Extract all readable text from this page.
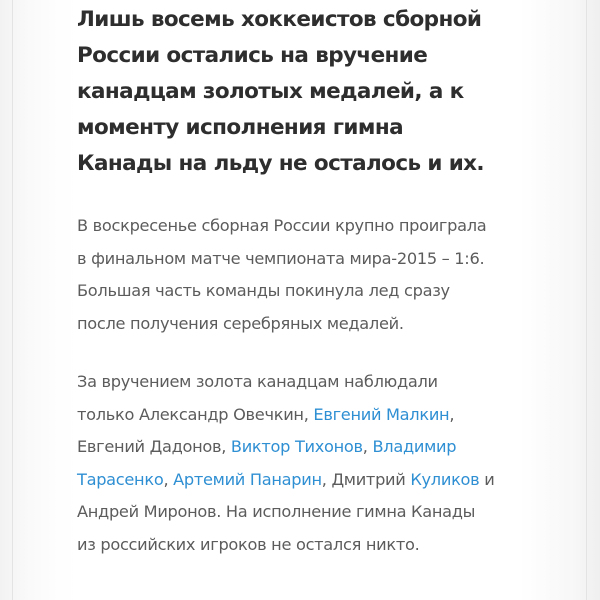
Лишь восемь хоккеистов сборной России остались на вручение канадцам золотых медалей, а к моменту исполнения гимна Канады на льду не осталось и их.

В воскресенье сборная России крупно проиграла в финальном матче чемпионата мира-2015 – 1:6. Большая часть команды покинула лед сразу после получения серебряных медалей.

За вручением золота канадцам наблюдали только Александр Овечкин, Евгений Малкин, Евгений Дадонов, Виктор Тихонов, Владимир Тарасенко, Артемий Панарин, Дмитрий Куликов и Андрей Миронов. На исполнение гимна Канады из российских игроков не остался никто.
